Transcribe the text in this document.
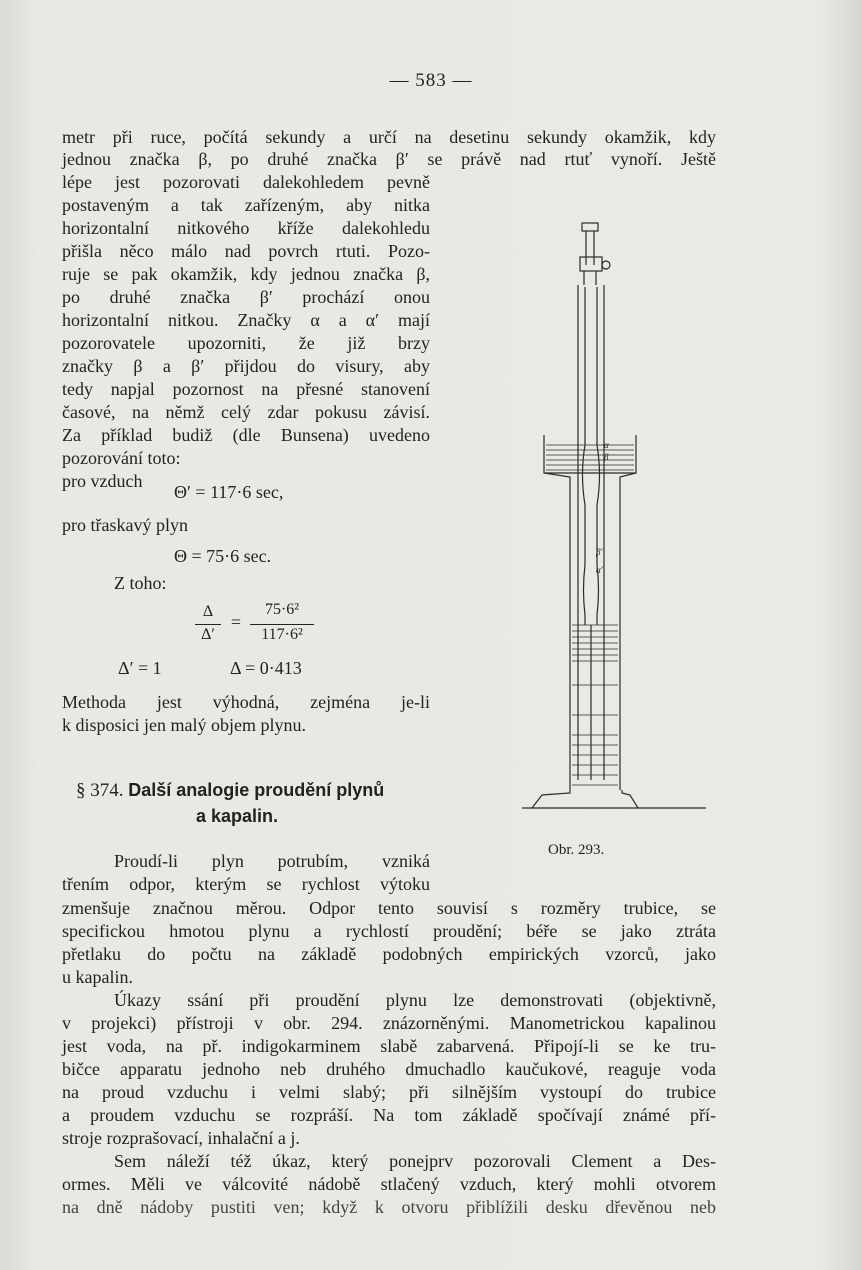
— 583 —
metr při ruce, počítá sekundy a určí na desetinu sekundy okamžik, kdy
jednou značka β, po druhé značka β′ se právě nad rtuť vynoří. Ještě
lépe jest pozorovati dalekohledem pevně
postaveným a tak zařízeným, aby nitka
horizontalní nitkového kříže dalekohledu
přišla něco málo nad povrch rtuti. Pozo-
ruje se pak okamžik, kdy jednou značka β,
po druhé značka β′ prochází onou
horizontalní nitkou. Značky α a α′ mají
pozorovatele upozorniti, že již brzy
značky β a β′ přijdou do visury, aby
tedy napjal pozornost na přesné stanovení
časové, na němž celý zdar pokusu závisí.
Za příklad budiž (dle Bunsena) uvedeno
pozorování toto:
pro vzduch
Θ′ = 117·6 sec,
pro třaskavý plyn
Θ = 75·6 sec.
Z toho:
Δ
Δ′
=
75·6²
117·6²
Δ′ = 1	Δ = 0·413
Methoda jest výhodná, zejména je-li
k disposici jen malý objem plynu.
§ 374. Další analogie proudění plynů
a kapalin.
α
β
β′
α′
Obr. 293.
Proudí-li plyn potrubím, vzniká
třením odpor, kterým se rychlost výtoku
zmenšuje značnou měrou. Odpor tento souvisí s rozměry trubice, se
specifickou hmotou plynu a rychlostí proudění; béře se jako ztráta
přetlaku do počtu na základě podobných empirických vzorců, jako
u kapalin.
Úkazy ssání při proudění plynu lze demonstrovati (objektivně,
v projekci) přístroji v obr. 294. znázorněnými. Manometrickou kapalinou
jest voda, na př. indigokarminem slabě zabarvená. Připojí-li se ke tru-
bičce apparatu jednoho neb druhého dmuchadlo kaučukové, reaguje voda
na proud vzduchu i velmi slabý; při silnějším vystoupí do trubice
a proudem vzduchu se rozpráší. Na tom základě spočívají známé pří-
stroje rozprašovací, inhalační a j.
Sem náleží též úkaz, který ponejprv pozorovali Clement a Des-
ormes. Měli ve válcovité nádobě stlačený vzduch, který mohli otvorem
na dně nádoby pustiti ven; když k otvoru přiblížili desku dřevěnou neb
